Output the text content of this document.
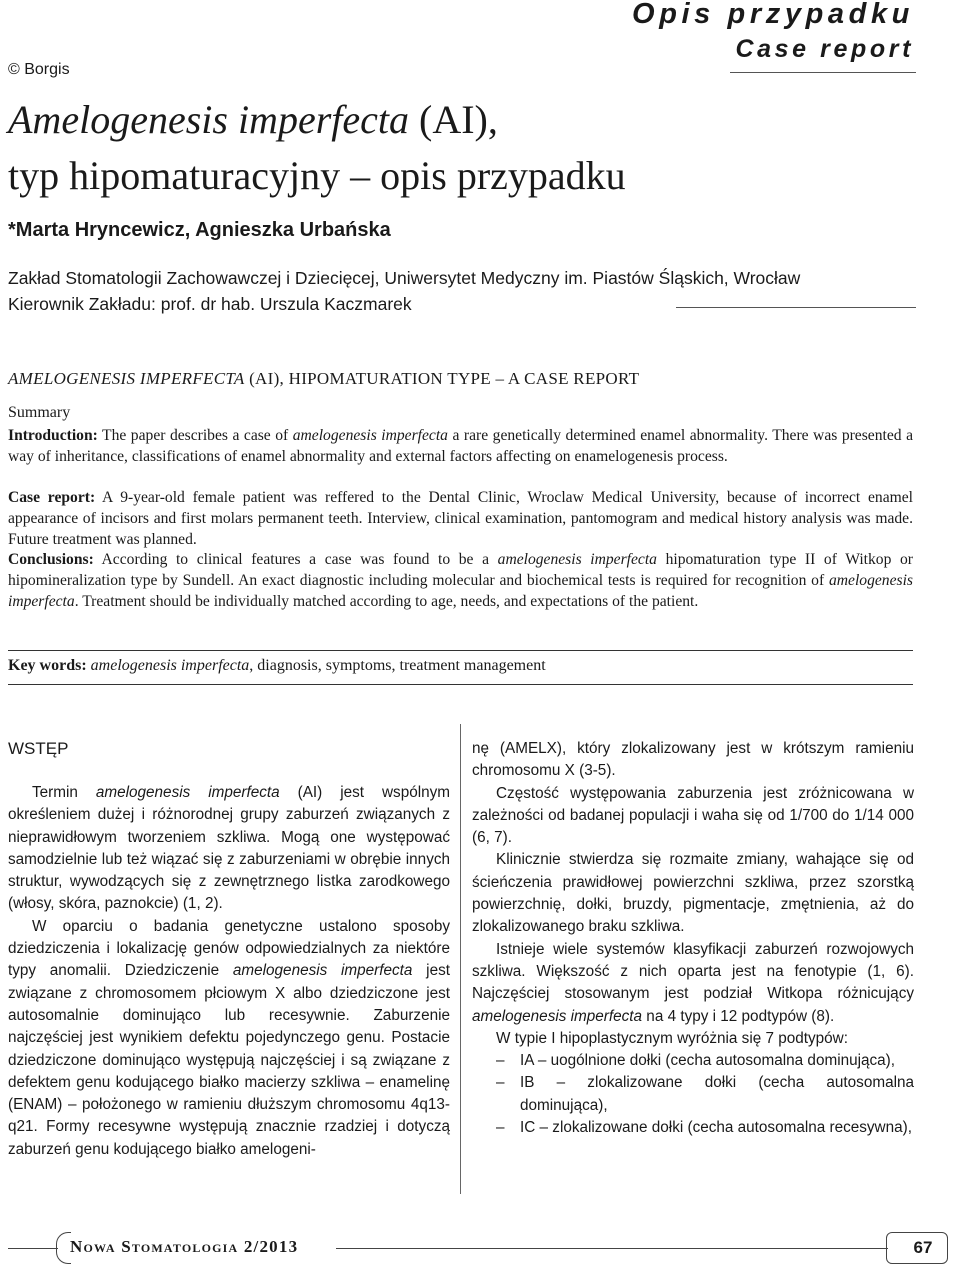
Opis przypadku
Case report
© Borgis
Amelogenesis imperfecta (AI),
typ hipomaturacyjny – opis przypadku
*Marta Hryncewicz, Agnieszka Urbańska
Zakład Stomatologii Zachowawczej i Dziecięcej, Uniwersytet Medyczny im. Piastów Śląskich, Wrocław
Kierownik Zakładu: prof. dr hab. Urszula Kaczmarek
AMELOGENESIS IMPERFECTA (AI), HIPOMATURATION TYPE – A CASE REPORT
Summary
Introduction: The paper describes a case of amelogenesis imperfecta a rare genetically determined enamel abnormality. There was presented a way of inheritance, classifications of enamel abnormality and external factors affecting on enamelogenesis process.
Case report: A 9-year-old female patient was reffered to the Dental Clinic, Wroclaw Medical University, because of incorrect enamel appearance of incisors and first molars permanent teeth. Interview, clinical examination, pantomogram and medical history analysis was made. Future treatment was planned.
Conclusions: According to clinical features a case was found to be a amelogenesis imperfecta hipomaturation type II of Witkop or hipomineralization type by Sundell. An exact diagnostic including molecular and biochemical tests is required for recognition of amelogenesis imperfecta. Treatment should be individually matched according to age, needs, and expectations of the patient.
Key words: amelogenesis imperfecta, diagnosis, symptoms, treatment management
WSTĘP

Termin amelogenesis imperfecta (AI) jest wspólnym określeniem dużej i różnorodnej grupy zaburzeń związanych z nieprawidłowym tworzeniem szkliwa. Mogą one występować samodzielnie lub też wiązać się z zaburzeniami w obrębie innych struktur, wywodzących się z zewnętrznego listka zarodkowego (włosy, skóra, paznokcie) (1, 2).

W oparciu o badania genetyczne ustalono sposoby dziedziczenia i lokalizację genów odpowiedzialnych za niektóre typy anomalii. Dziedziczenie amelogenesis imperfecta jest związane z chromosomem płciowym X albo dziedziczone jest autosomalnie dominująco lub recesywnie. Zaburzenie najczęściej jest wynikiem defektu pojedynczego genu. Postacie dziedziczone dominująco występują najczęściej i są związane z defektem genu kodującego białko macierzy szkliwa – enamelinę (ENAM) – położonego w ramieniu dłuższym chromosomu 4q13-q21. Formy recesywne występują znacznie rzadziej i dotyczą zaburzeń genu kodującego białko amelogeni-

nę (AMELX), który zlokalizowany jest w krótszym ramieniu chromosomu X (3-5).

Częstość występowania zaburzenia jest zróżnicowana w zależności od badanej populacji i waha się od 1/700 do 1/14 000 (6, 7).

Klinicznie stwierdza się rozmaite zmiany, wahające się od ścieńczenia prawidłowej powierzchni szkliwa, przez szorstką powierzchnię, dołki, bruzdy, pigmentacje, zmętnienia, aż do zlokalizowanego braku szkliwa.

Istnieje wiele systemów klasyfikacji zaburzeń rozwojowych szkliwa. Większość z nich oparta jest na fenotypie (1, 6). Najczęściej stosowanym jest podział Witkopa różnicujący amelogenesis imperfecta na 4 typy i 12 podtypów (8).

W typie I hipoplastycznym wyróżnia się 7 podtypów:

– IA – uogólnione dołki (cecha autosomalna dominująca),
– IB – zlokalizowane dołki (cecha autosomalna dominująca),
– IC – zlokalizowane dołki (cecha autosomalna recesywna),
Nowa Stomatologia 2/2013	67
